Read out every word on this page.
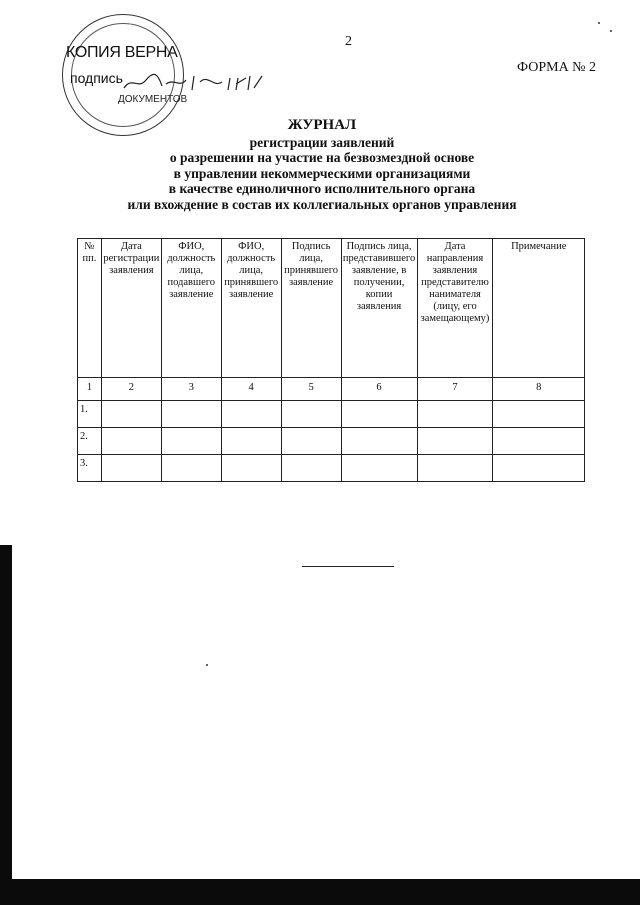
2
ФОРМА № 2
КОПИЯ ВЕРНА
подпись
ДОКУМЕНТОВ
ЖУРНАЛ
регистрации заявлений
о разрешении на участие на безвозмездной основе
в управлении некоммерческими организациями
в качестве единоличного исполнительного органа
или вхождение в состав их коллегиальных органов управления
№ пп.	Дата регистрации заявления	ФИО, должность лица, подавшего заявление	ФИО, должность лица, принявшего заявление	Подпись лица, принявшего заявление	Подпись лица, представившего заявление, в получении, копии заявления	Дата направления заявления представителю нанимателя (лицу, его замещающему)	Примечание
1	2	3	4	5	6	7	8
1.							
2.							
3.							
